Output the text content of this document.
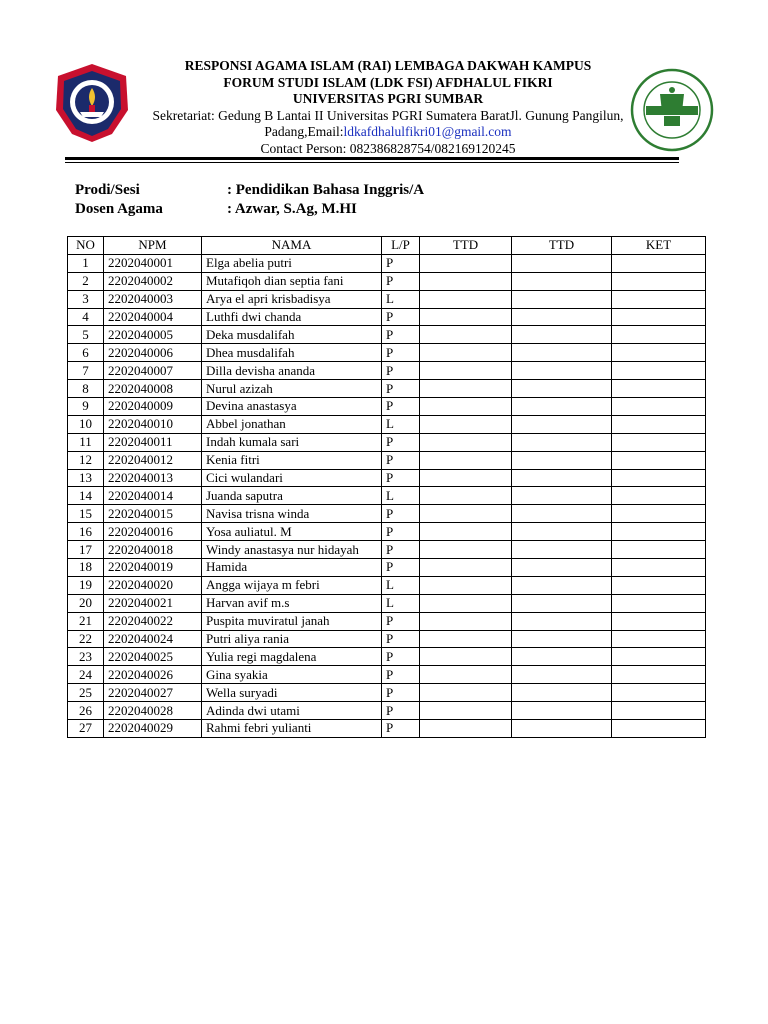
RESPONSI AGAMA ISLAM (RAI) LEMBAGA DAKWAH KAMPUS
FORUM STUDI ISLAM (LDK FSI) AFDHALUL FIKRI
UNIVERSITAS PGRI SUMBAR
Sekretariat: Gedung B Lantai II Universitas PGRI Sumatera BaratJl. Gunung Pangilun,
Padang,Email:ldkafdhalulfikri01@gmail.com
Contact Person: 082386828754/082169120245
Prodi/Sesi	: Pendidikan Bahasa Inggris/A
Dosen Agama	: Azwar, S.Ag, M.HI
NO	NPM	NAMA	L/P	TTD	TTD	KET
1	2202040001	Elga abelia putri	P			
2	2202040002	Mutafiqoh dian septia fani	P			
3	2202040003	Arya el apri krisbadisya	L			
4	2202040004	Luthfi dwi chanda	P			
5	2202040005	Deka musdalifah	P			
6	2202040006	Dhea musdalifah	P			
7	2202040007	Dilla devisha ananda	P			
8	2202040008	Nurul azizah	P			
9	2202040009	Devina anastasya	P			
10	2202040010	Abbel jonathan	L			
11	2202040011	Indah kumala sari	P			
12	2202040012	Kenia fitri	P			
13	2202040013	Cici wulandari	P			
14	2202040014	Juanda saputra	L			
15	2202040015	Navisa trisna winda	P			
16	2202040016	Yosa auliatul. M	P			
17	2202040018	Windy anastasya nur hidayah	P			
18	2202040019	Hamida	P			
19	2202040020	Angga wijaya m febri	L			
20	2202040021	Harvan avif m.s	L			
21	2202040022	Puspita muviratul janah	P			
22	2202040024	Putri aliya rania	P			
23	2202040025	Yulia regi magdalena	P			
24	2202040026	Gina syakia	P			
25	2202040027	Wella suryadi	P			
26	2202040028	Adinda dwi utami	P			
27	2202040029	Rahmi febri yulianti	P			
